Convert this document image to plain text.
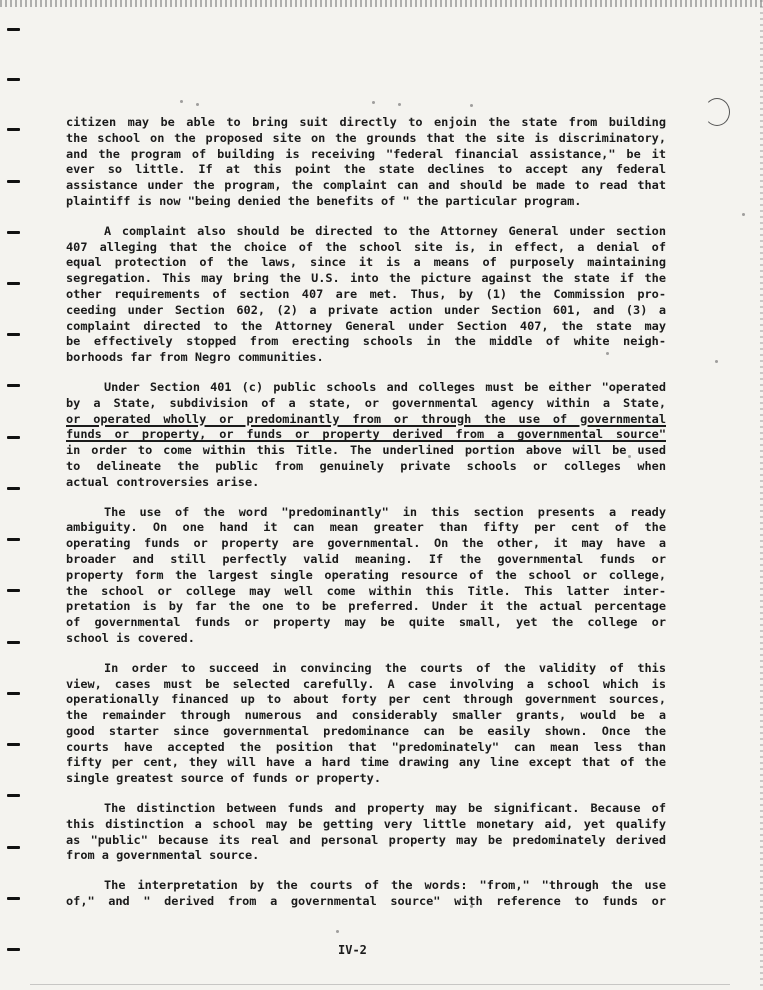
citizen may be able to bring suit directly to enjoin the state from building
the school on the proposed site on the grounds that the site is discriminatory,
and the program of building is receiving "federal financial assistance," be it
ever so little. If at this point the state declines to accept any federal
assistance under the program, the complaint can and should be made to read that
plaintiff is now "being denied the benefits of " the particular program.
A complaint also should be directed to the Attorney General under section
407 alleging that the choice of the school site is, in effect, a denial of
equal protection of the laws, since it is a means of purposely maintaining
segregation. This may bring the U.S. into the picture against the state if the
other requirements of section 407 are met. Thus, by (1) the Commission pro-
ceeding under Section 602, (2) a private action under Section 601, and (3) a
complaint directed to the Attorney General under Section 407, the state may
be effectively stopped from erecting schools in the middle of white neigh-
borhoods far from Negro communities.
Under Section 401 (c) public schools and colleges must be either "operated
by a State, subdivision of a state, or governmental agency within a State,
or operated wholly or predominantly from or through the use of governmental
funds or property, or funds or property derived from a governmental source"
in order to come within this Title. The underlined portion above will be used
to delineate the public from genuinely private schools or colleges when
actual controversies arise.
The use of the word "predominantly" in this section presents a ready
ambiguity. On one hand it can mean greater than fifty per cent of the
operating funds or property are governmental. On the other, it may have a
broader and still perfectly valid meaning. If the governmental funds or
property form the largest single operating resource of the school or college,
the school or college may well come within this Title. This latter inter-
pretation is by far the one to be preferred. Under it the actual percentage
of governmental funds or property may be quite small, yet the college or
school is covered.
In order to succeed in convincing the courts of the validity of this
view, cases must be selected carefully. A case involving a school which is
operationally financed up to about forty per cent through government sources,
the remainder through numerous and considerably smaller grants, would be a
good starter since governmental predominance can be easily shown. Once the
courts have accepted the position that "predominately" can mean less than
fifty per cent, they will have a hard time drawing any line except that of the
single greatest source of funds or property.
The distinction between funds and property may be significant. Because of
this distinction a school may be getting very little monetary aid, yet qualify
as "public" because its real and personal property may be predominately derived
from a governmental source.
The interpretation by the courts of the words: "from," "through the use
of," and " derived from a governmental source" with reference to funds or
IV-2
